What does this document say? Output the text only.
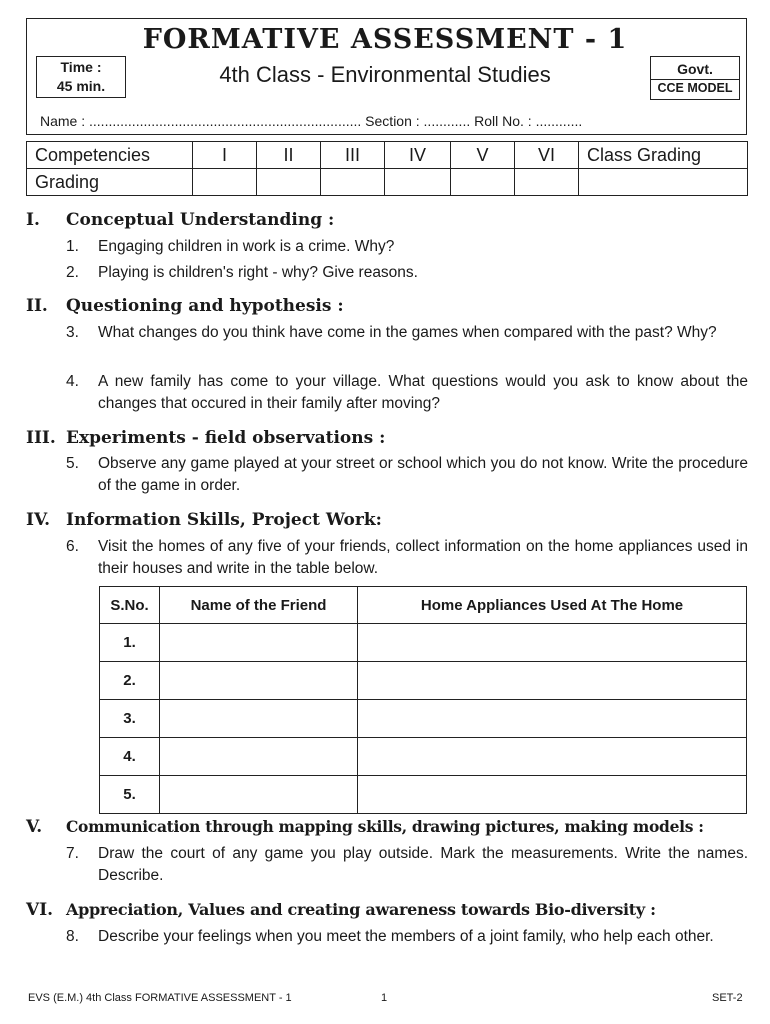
FORMATIVE ASSESSMENT - 1
4th Class - Environmental Studies
Time :
45 min.
Govt.
CCE MODEL
Name : ...................................................................... Section : ............ Roll No. : ............
Competencies	I	II	III	IV	V	VI	Class Grading
Grading							
I. Conceptual Understanding :
1. Engaging children in work is a crime. Why?
2. Playing is children's right - why? Give reasons.
II. Questioning and hypothesis :
3. What changes do you think have come in the games when compared with the past? Why?
4. A new family has come to your village. What questions would you ask to know about the changes that occured in their family after moving?
III. Experiments - field observations :
5. Observe any game played at your street or school which you do not know. Write the procedure of the game in order.
IV. Information Skills, Project Work:
6. Visit the homes of any five of your friends, collect information on the home appliances used in their houses and write in the table below.
S.No.	Name of the Friend	Home Appliances Used At The Home
1.		
2.		
3.		
4.		
5.		
V. Communication through mapping skills, drawing pictures, making models :
7. Draw the court of any game you play outside. Mark the measurements. Write the names. Describe.
VI. Appreciation, Values and creating awareness towards Bio-diversity :
8. Describe your feelings when you meet the members of a joint family, who help each other.
EVS (E.M.) 4th Class FORMATIVE ASSESSMENT - 1	1	SET-2
